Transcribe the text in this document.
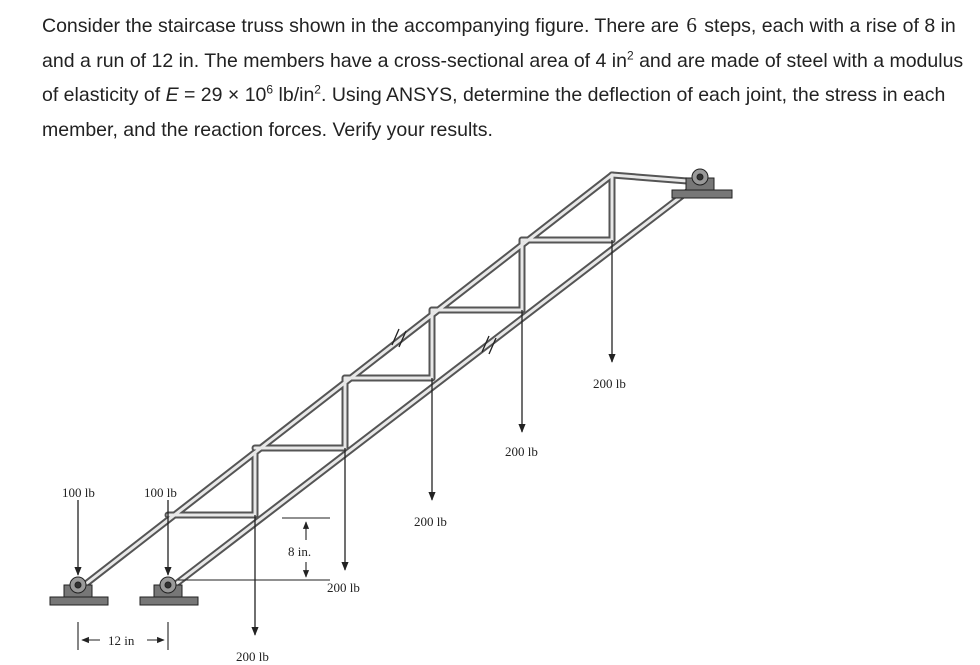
Consider the staircase truss shown in the accompanying figure. There are 6 steps, each with a rise of 8 in and a run of 12 in. The members have a cross-sectional area of 4 $in^2$ and are made of steel with a modulus of elasticity of $E = 29 \times 10^6$ $lb/in^2$. Using ANSYS, determine the deflection of each joint, the stress in each member, and the reaction forces. Verify your results.

100 lb	100 lb
200 lb
200 lb
200 lb
200 lb
200 lb
8 in.
12 in
